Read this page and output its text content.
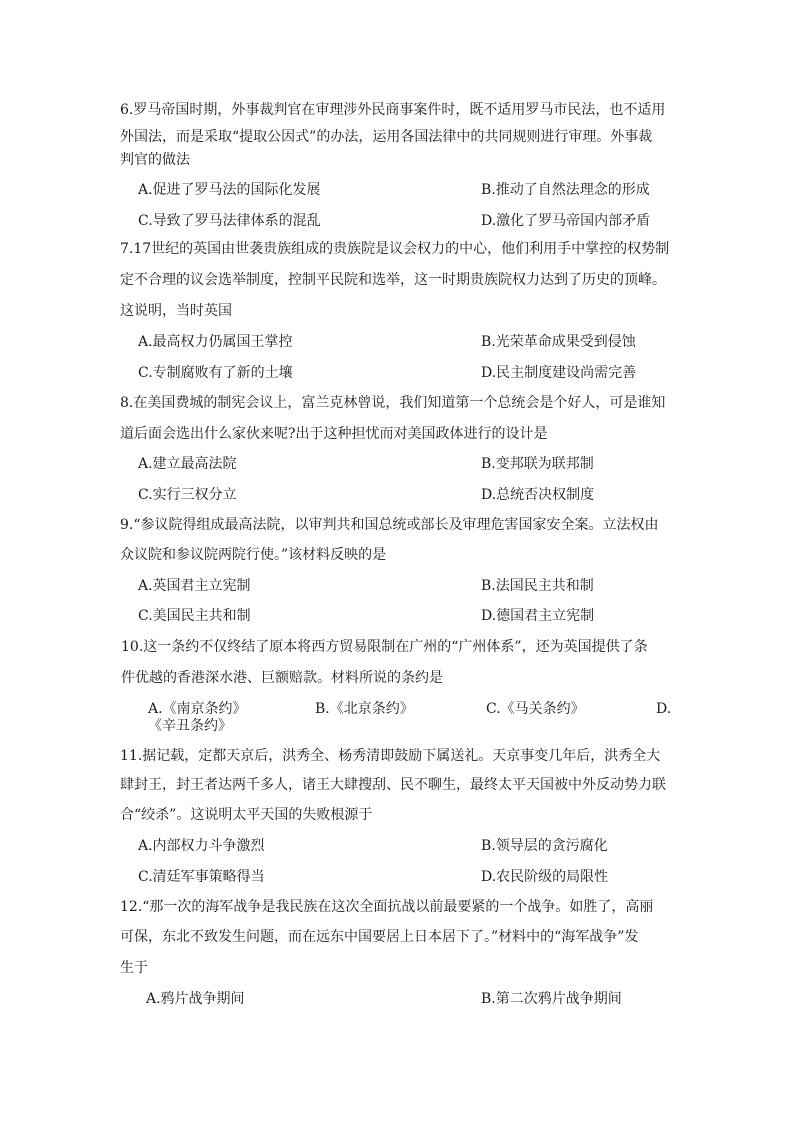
6.罗马帝国时期，外事裁判官在审理涉外民商事案件时，既不适用罗马市民法，也不适用
外国法，而是采取“提取公因式”的办法，运用各国法律中的共同规则进行审理。外事裁
判官的做法
A.促进了罗马法的国际化发展	B.推动了自然法理念的形成
C.导致了罗马法律体系的混乱	D.激化了罗马帝国内部矛盾
7.17世纪的英国由世袭贵族组成的贵族院是议会权力的中心，他们利用手中掌控的权势制
定不合理的议会选举制度，控制平民院和选举，这一时期贵族院权力达到了历史的顶峰。
这说明，当时英国
A.最高权力仍属国王掌控	B.光荣革命成果受到侵蚀
C.专制腐败有了新的土壤	D.民主制度建设尚需完善
8.在美国费城的制宪会议上，富兰克林曾说，我们知道第一个总统会是个好人，可是谁知
道后面会选出什么家伙来呢?出于这种担忧而对美国政体进行的设计是
A.建立最高法院	B.变邦联为联邦制
C.实行三权分立	D.总统否决权制度
9.“参议院得组成最高法院，以审判共和国总统或部长及审理危害国家安全案。立法权由
众议院和参议院两院行使。”该材料反映的是
A.英国君主立宪制	B.法国民主共和制
C.美国民主共和制	D.德国君主立宪制
10.这一条约不仅终结了原本将西方贸易限制在广州的“广州体系”，还为英国提供了条
件优越的香港深水港、巨额赔款。材料所说的条约是
A.《南京条约》	B.《北京条约》	C.《马关条约》	D.
《辛丑条约》
11.据记载，定都天京后，洪秀全、杨秀清即鼓励下属送礼。天京事变几年后，洪秀全大
肆封王，封王者达两千多人，诸王大肆搜刮、民不聊生，最终太平天国被中外反动势力联
合“绞杀”。这说明太平天国的失败根源于
A.内部权力斗争激烈	B.领导层的贪污腐化
C.清廷军事策略得当	D.农民阶级的局限性
12.“那一次的海军战争是我民族在这次全面抗战以前最要紧的一个战争。如胜了，高丽
可保，东北不致发生问题，而在远东中国要居上日本居下了。”材料中的“海军战争”发
生于
A.鸦片战争期间	B.第二次鸦片战争期间
